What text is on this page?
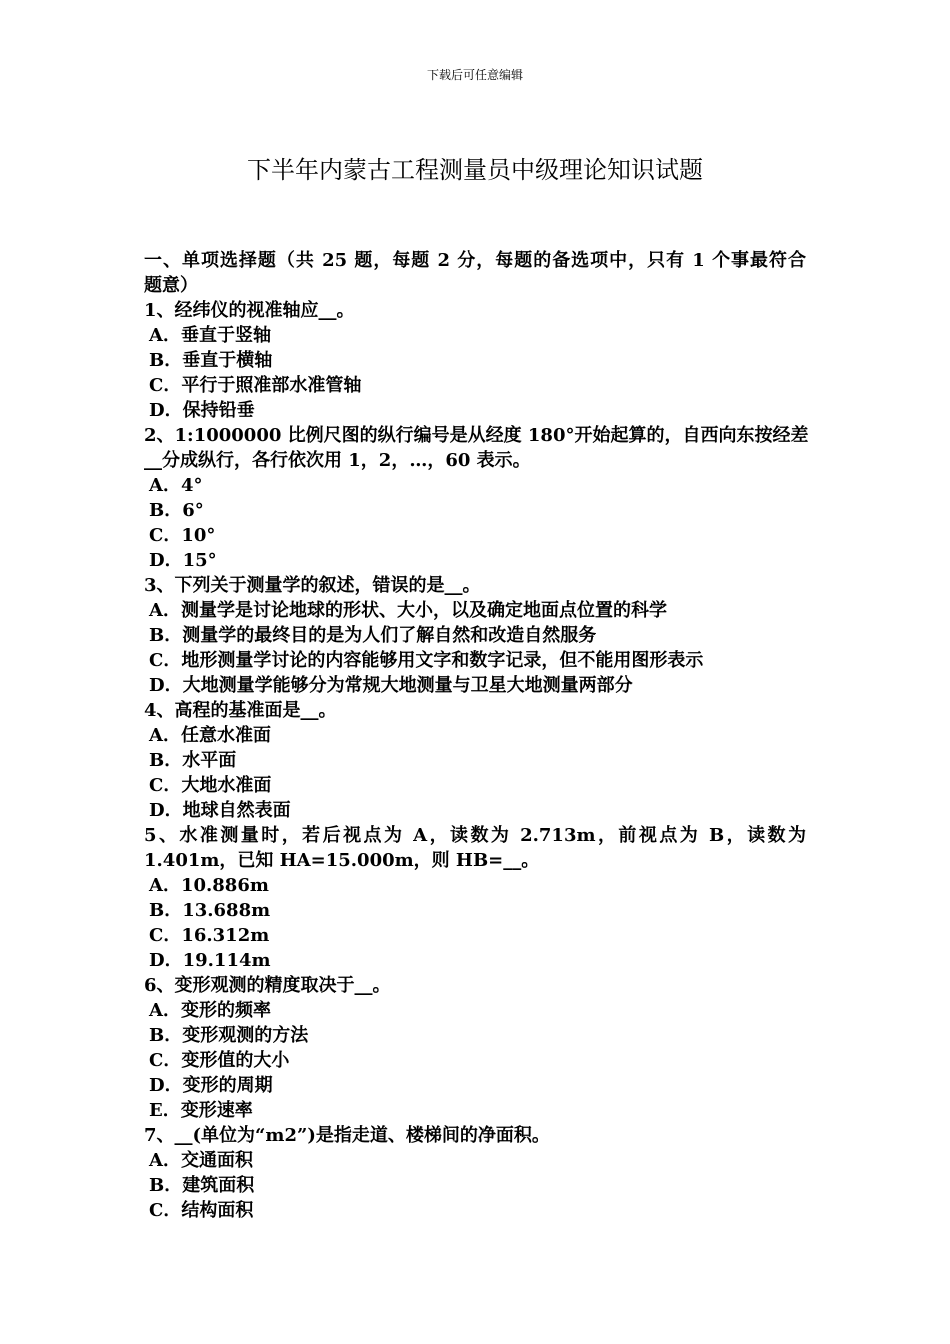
下载后可任意编辑
下半年内蒙古工程测量员中级理论知识试题
一、单项选择题（共 25 题，每题 2 分，每题的备选项中，只有 1 个事最符合
题意）
1、经纬仪的视准轴应__。
A．垂直于竖轴
B．垂直于横轴
C．平行于照准部水准管轴
D．保持铅垂
2、1:1000000 比例尺图的纵行编号是从经度 180°开始起算的，自西向东按经差
__分成纵行，各行依次用 1，2，…，60 表示。
A．4°
B．6°
C．10°
D．15°
3、下列关于测量学的叙述，错误的是__。
A．测量学是讨论地球的形状、大小，以及确定地面点位置的科学
B．测量学的最终目的是为人们了解自然和改造自然服务
C．地形测量学讨论的内容能够用文字和数字记录，但不能用图形表示
D．大地测量学能够分为常规大地测量与卫星大地测量两部分
4、高程的基准面是__。
A．任意水准面
B．水平面
C．大地水准面
D．地球自然表面
5、水准测量时，若后视点为 A，读数为 2.713m，前视点为 B，读数为
1.401m，已知 HA=15.000m，则 HB=__。
A．10.886m
B．13.688m
C．16.312m
D．19.114m
6、变形观测的精度取决于__。
A．变形的频率
B．变形观测的方法
C．变形值的大小
D．变形的周期
E．变形速率
7、__(单位为“m2”)是指走道、楼梯间的净面积。
A．交通面积
B．建筑面积
C．结构面积
